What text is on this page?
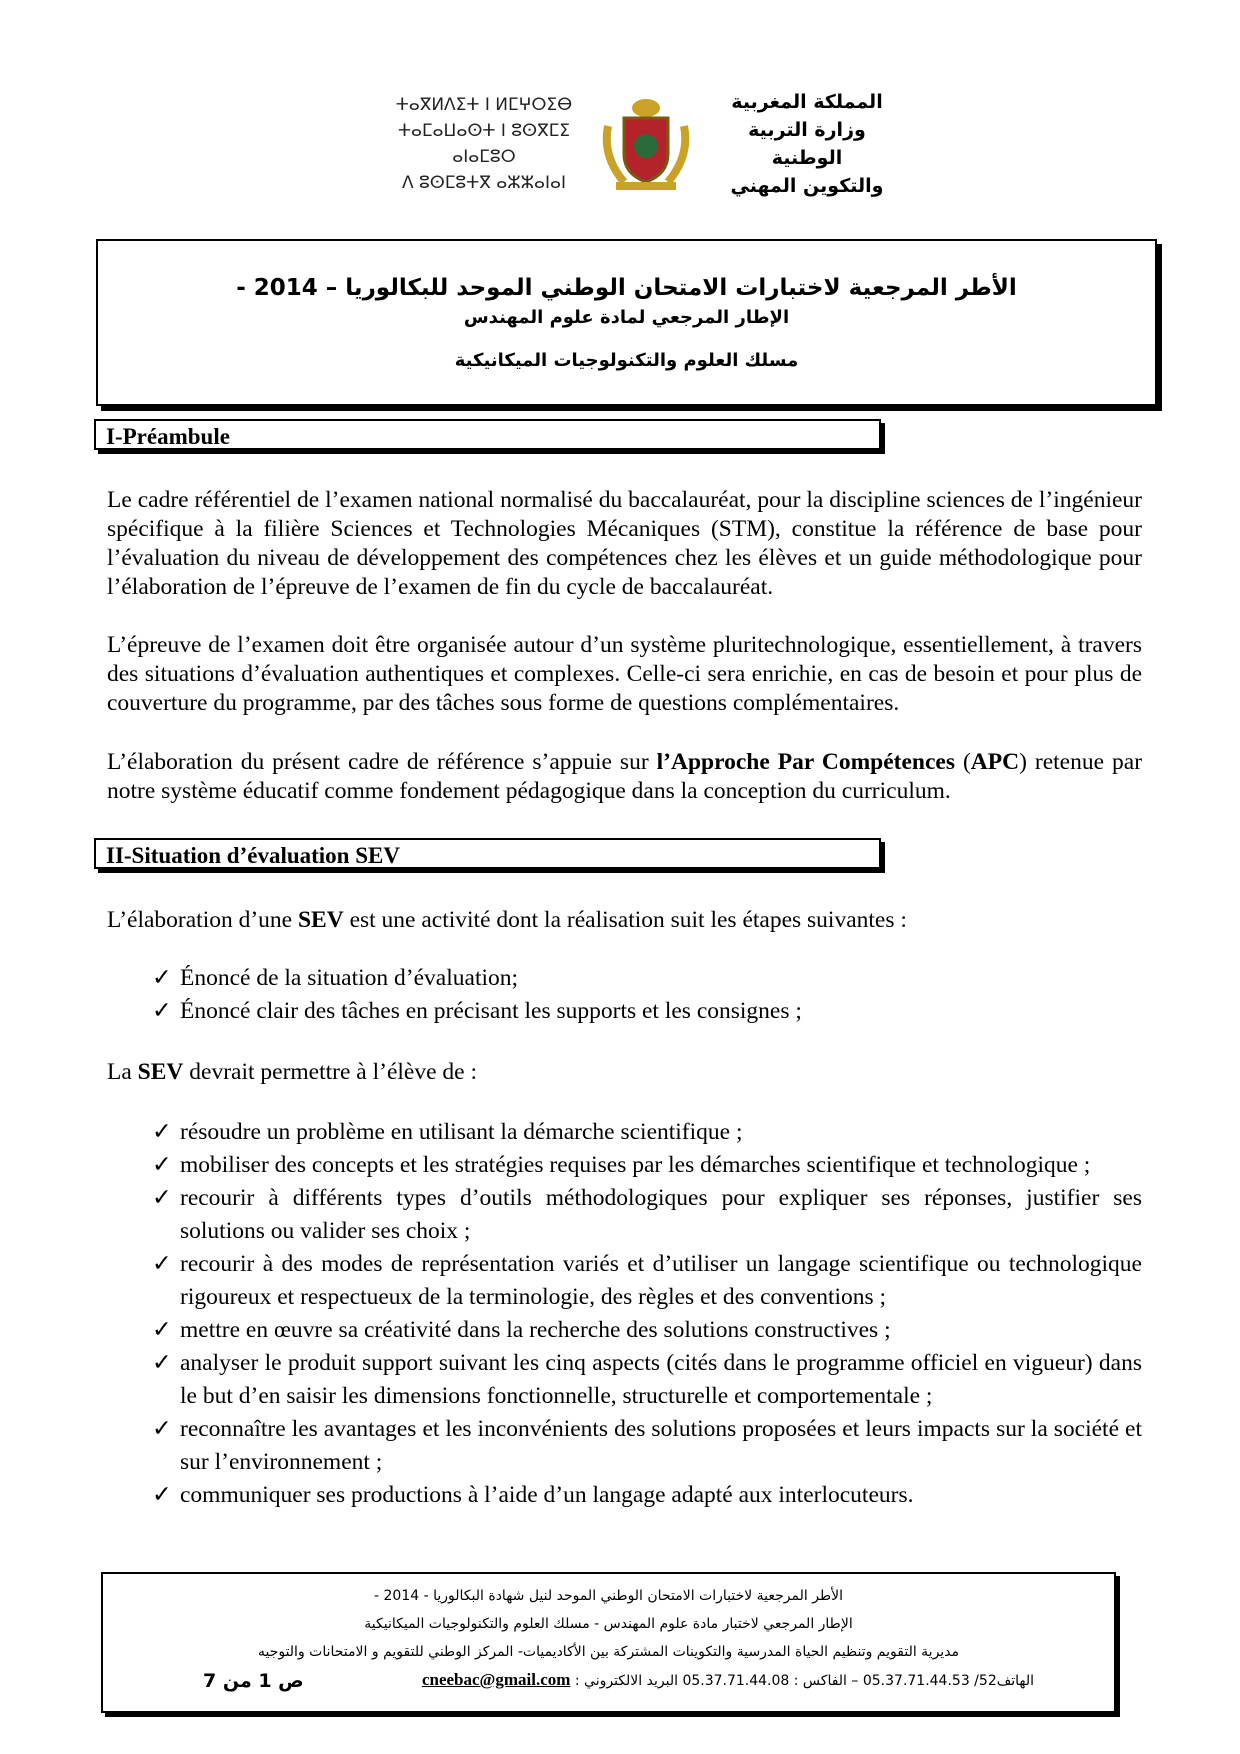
ⵜⴰⴳⵍⴷⵉⵜ ⵏ ⵍⵎⵖⵔⵉⴱ
ⵜⴰⵎⴰⵡⴰⵙⵜ ⵏ ⵓⵙⴳⵎⵉ ⴰⵏⴰⵎⵓⵔ
ⴷ ⵓⵙⵎⵓⵜⴳ ⴰⵣⵣⴰⵏⴰⵏ
المملكة المغربية
وزارة التربية الوطنية
والتكوين المهني
الأطر المرجعية لاختبارات الامتحان الوطني الموحد للبكالوريا – 2014 -
الإطار المرجعي لمادة علوم المهندس
مسلك العلوم والتكنولوجيات الميكانيكية
I-Préambule

Le cadre référentiel de l’examen national normalisé du baccalauréat, pour la discipline sciences de l’ingénieur spécifique à la filière Sciences et Technologies Mécaniques (STM), constitue la référence de base pour l’évaluation du niveau de développement des compétences chez les élèves et un guide méthodologique pour l’élaboration de l’épreuve de l’examen de fin du cycle de baccalauréat.

L’épreuve de l’examen doit être organisée autour d’un système pluritechnologique, essentiellement, à travers des situations d’évaluation authentiques et complexes. Celle-ci sera enrichie, en cas de besoin et pour plus de couverture du programme, par des tâches sous forme de questions complémentaires.

L’élaboration du présent cadre de référence s’appuie sur l’Approche Par Compétences (APC) retenue par notre système éducatif comme fondement pédagogique dans la conception du curriculum.

II-Situation d’évaluation SEV

L’élaboration d’une SEV est une activité dont la réalisation suit les étapes suivantes :

✓ Énoncé de la situation d’évaluation;
✓ Énoncé clair des tâches en précisant les supports et les consignes ;

La SEV devrait permettre à l’élève de :

✓ résoudre un problème en utilisant la démarche scientifique ;
✓ mobiliser des concepts et les stratégies requises par les démarches scientifique et technologique ;
✓ recourir à différents types d’outils méthodologiques pour expliquer ses réponses, justifier ses solutions ou valider ses choix ;
✓ recourir à des modes de représentation variés et d’utiliser un langage scientifique ou technologique rigoureux et respectueux de la terminologie, des règles et des conventions ;
✓ mettre en œuvre sa créativité dans la recherche des solutions constructives ;
✓ analyser le produit support suivant les cinq aspects (cités dans le programme officiel en vigueur) dans le but d’en saisir les dimensions fonctionnelle, structurelle et comportementale ;
✓ reconnaître les avantages et les inconvénients des solutions proposées et leurs impacts sur la société et sur l’environnement ;
✓ communiquer ses productions à l’aide d’un langage adapté aux interlocuteurs.
الأطر المرجعية لاختبارات الامتحان الوطني الموحد لنيل شهادة البكالوريا - 2014 -
الإطار المرجعي لاختبار مادة علوم المهندس - مسلك العلوم والتكنولوجيات الميكانيكية
مديرية التقويم وتنظيم الحياة المدرسية والتكوينات المشتركة بين الأكاديميات- المركز الوطني للتقويم و الامتحانات والتوجيه
الهاتف52/ 05.37.71.44.53 – الفاكس : 05.37.71.44.08 البريد الالكتروني : cneebac@gmail.com
ص 1 من 7
